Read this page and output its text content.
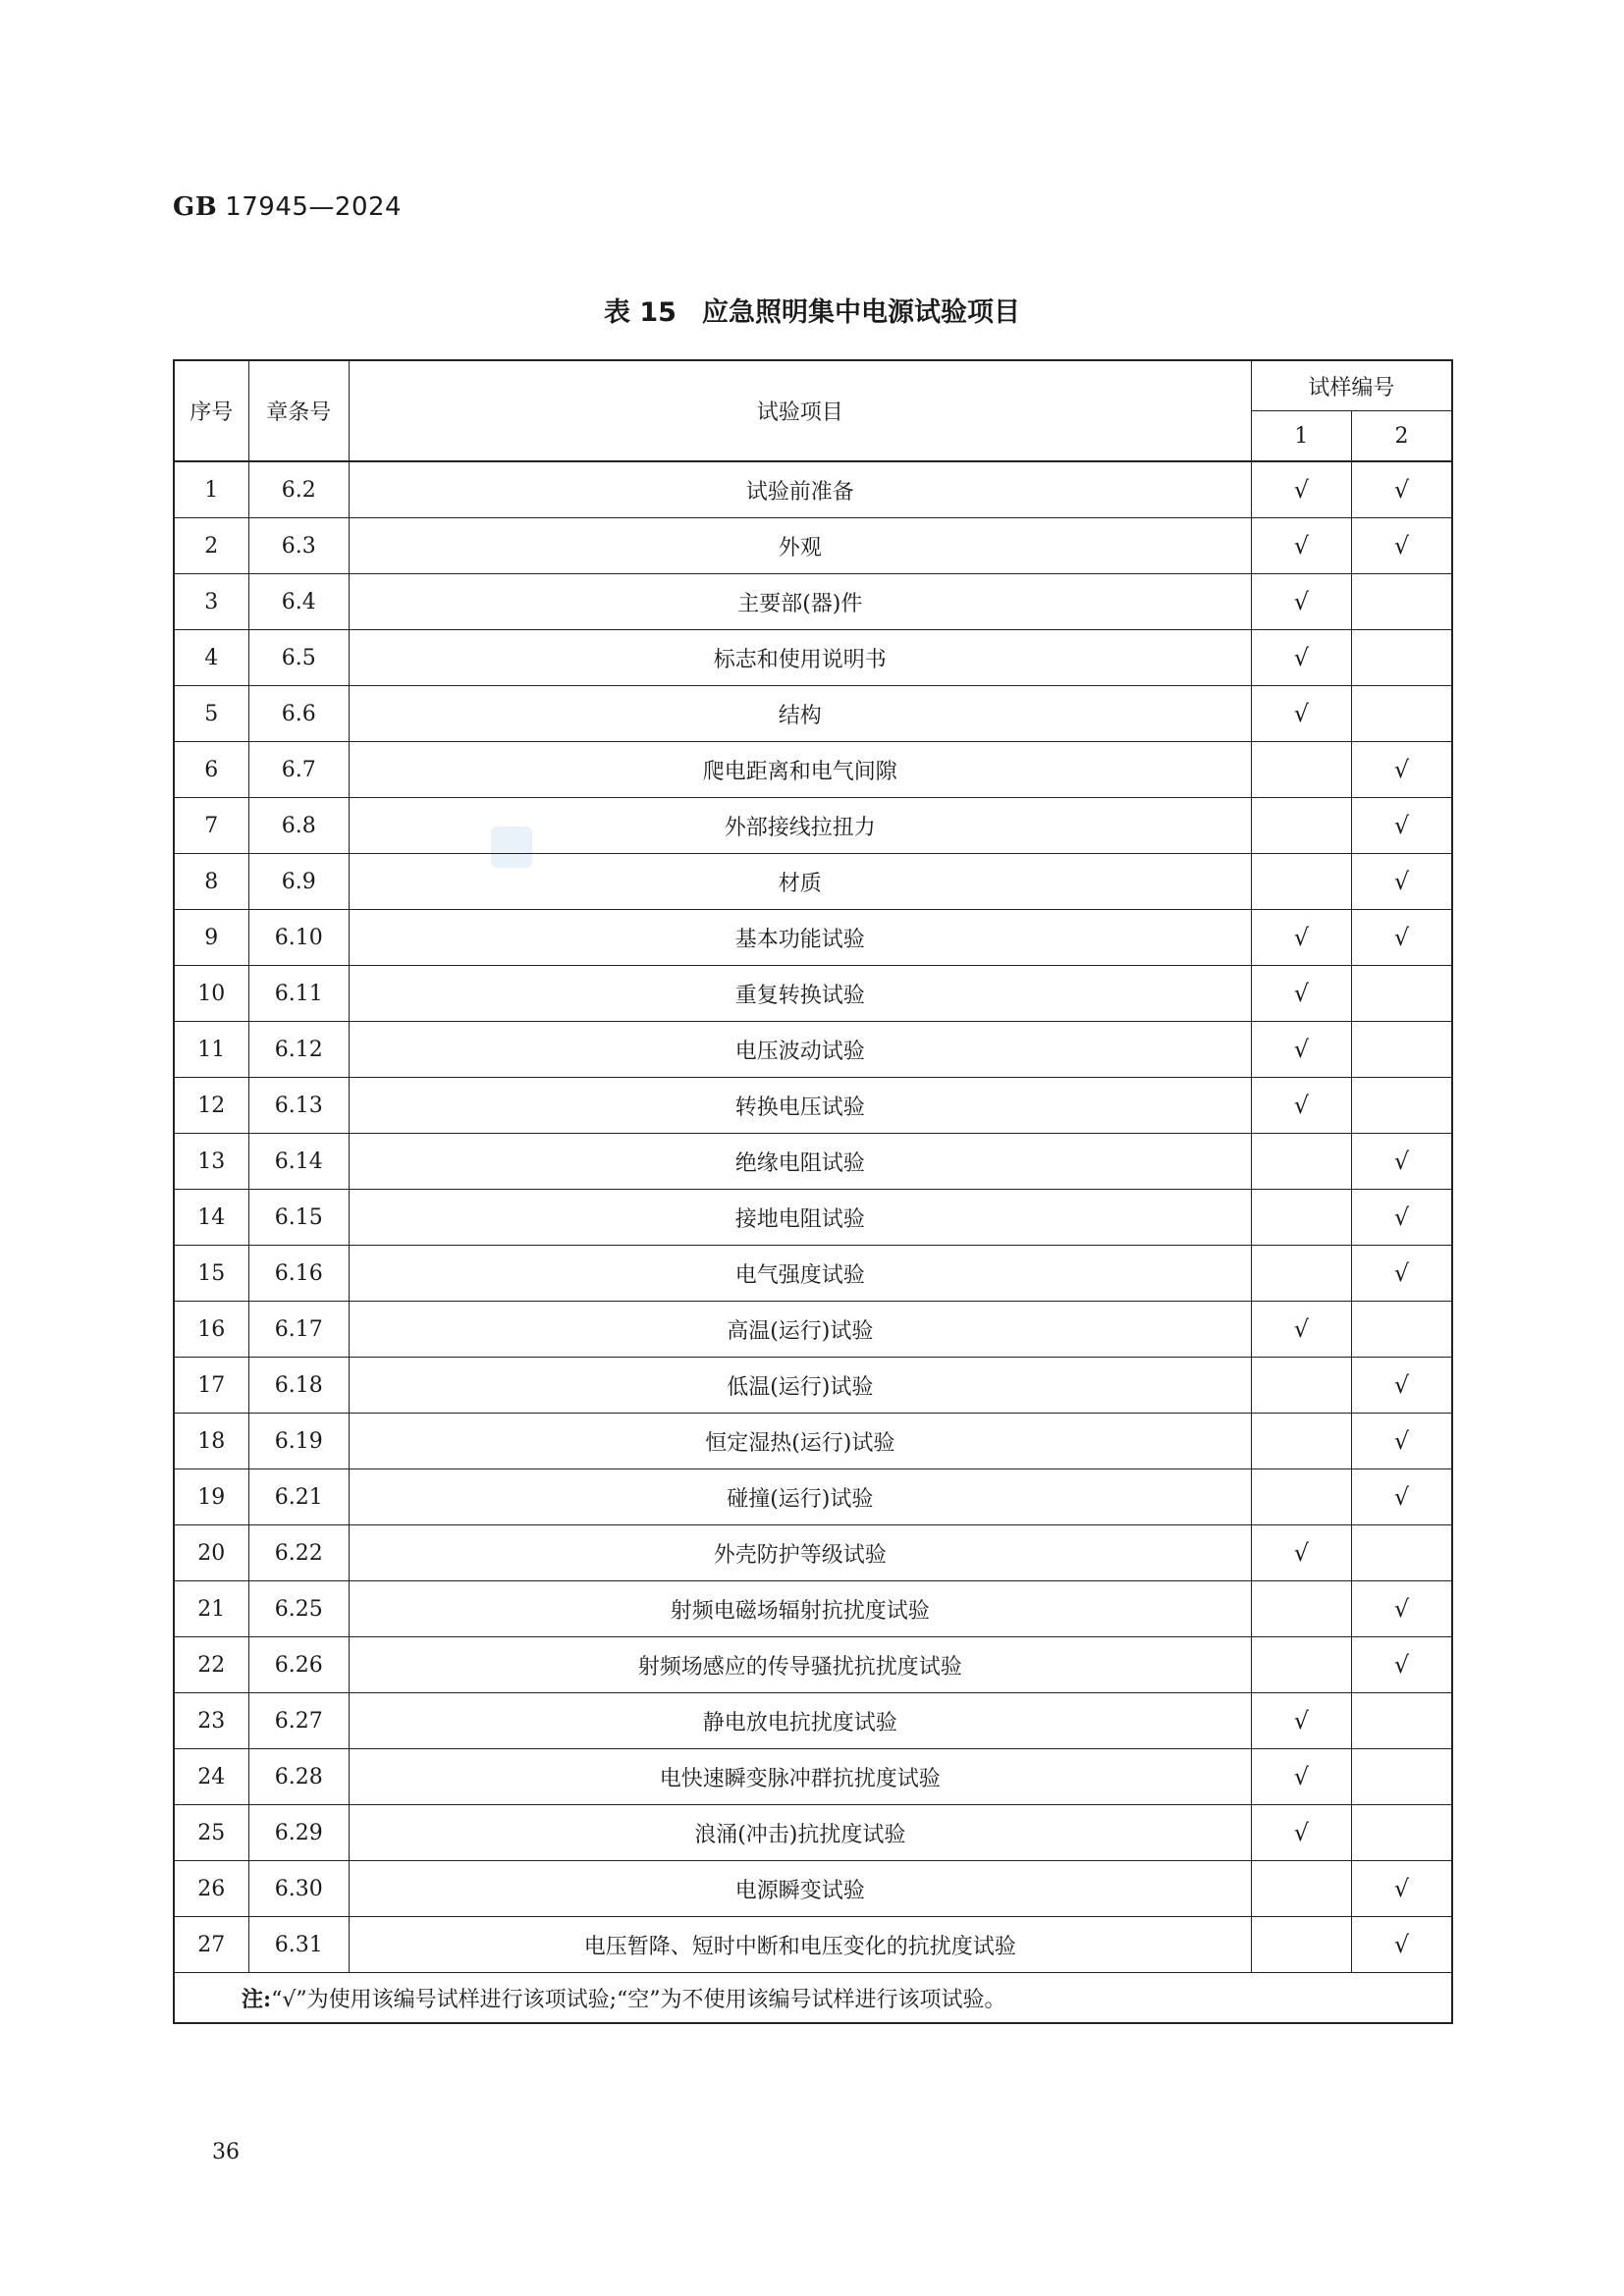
GB 17945—2024
表 15 应急照明集中电源试验项目
序号	章条号	试验项目	试样编号	
			1	2
1	6.2	试验前准备	√	√
2	6.3	外观	√	√
3	6.4	主要部(器)件	√	
4	6.5	标志和使用说明书	√	
5	6.6	结构	√	
6	6.7	爬电距离和电气间隙		√
7	6.8	外部接线拉扭力		√
8	6.9	材质		√
9	6.10	基本功能试验	√	√
10	6.11	重复转换试验	√	
11	6.12	电压波动试验	√	
12	6.13	转换电压试验	√	
13	6.14	绝缘电阻试验		√
14	6.15	接地电阻试验		√
15	6.16	电气强度试验		√
16	6.17	高温(运行)试验	√	
17	6.18	低温(运行)试验		√
18	6.19	恒定湿热(运行)试验		√
19	6.21	碰撞(运行)试验		√
20	6.22	外壳防护等级试验	√	
21	6.25	射频电磁场辐射抗扰度试验		√
22	6.26	射频场感应的传导骚扰抗扰度试验		√
23	6.27	静电放电抗扰度试验	√	
24	6.28	电快速瞬变脉冲群抗扰度试验	√	
25	6.29	浪涌(冲击)抗扰度试验	√	
26	6.30	电源瞬变试验		√
27	6.31	电压暂降、短时中断和电压变化的抗扰度试验		√
注:“√”为使用该编号试样进行该项试验;“空”为不使用该编号试样进行该项试验。				
36
